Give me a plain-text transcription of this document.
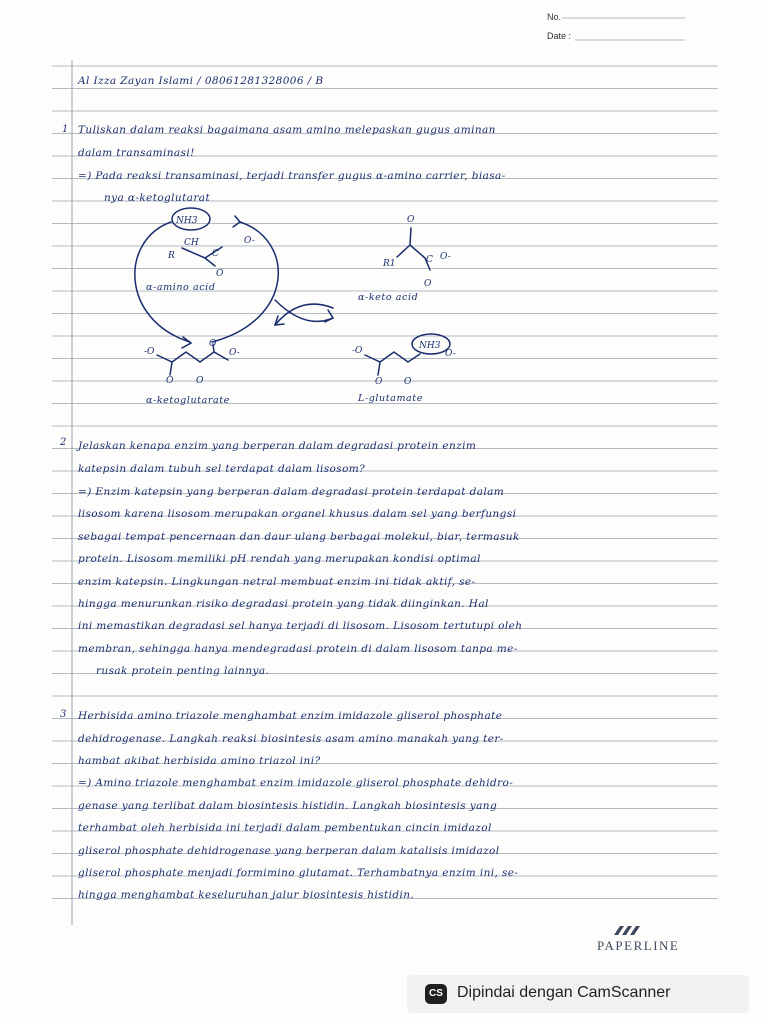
No.
Date :
Al Izza Zayan Islami / 08061281328006 / B
1 Tuliskan dalam reaksi bagaimana asam amino melepaskan gugus aminan
dalam transaminasi!
=) Pada reaksi transaminasi, terjadi transfer gugus α-amino carrier, biasa-
nya α-ketoglutarat
NH3
CH
R	C
O-
O
O
R1	C O-
O
-O	O-
O	O
O
-O	NH3
O-
O O
α-amino acid
α-keto acid
α-ketoglutarate	L-glutamate
2 Jelaskan kenapa enzim yang berperan dalam degradasi protein enzim
katepsin dalam tubuh sel terdapat dalam lisosom?
=) Enzim katepsin yang berperan dalam degradasi protein terdapat dalam
lisosom karena lisosom merupakan organel khusus dalam sel yang berfungsi
sebagai tempat pencernaan dan daur ulang berbagai molekul, biar, termasuk
protein. Lisosom memiliki pH rendah yang merupakan kondisi optimal
enzim katepsin. Lingkungan netral membuat enzim ini tidak aktif, se-
hingga menurunkan risiko degradasi protein yang tidak diinginkan. Hal
ini memastikan degradasi sel hanya terjadi di lisosom. Lisosom tertutupi oleh
membran, sehingga hanya mendegradasi protein di dalam lisosom tanpa me-
rusak protein penting lainnya.
3 Herbisida amino triazole menghambat enzim imidazole gliserol phosphate
dehidrogenase. Langkah reaksi biosintesis asam amino manakah yang ter-
hambat akibat herbisida amino triazol ini?
=) Amino triazole menghambat enzim imidazole gliserol phosphate dehidro-
genase yang terlibat dalam biosintesis histidin. Langkah biosintesis yang
terhambat oleh herbisida ini terjadi dalam pembentukan cincin imidazol
gliserol phosphate dehidrogenase yang berperan dalam katalisis imidazol
gliserol phosphate menjadi formimino glutamat. Terhambatnya enzim ini, se-
hingga menghambat keseluruhan jalur biosintesis histidin.
PAPERLINE
CS Dipindai dengan CamScanner
